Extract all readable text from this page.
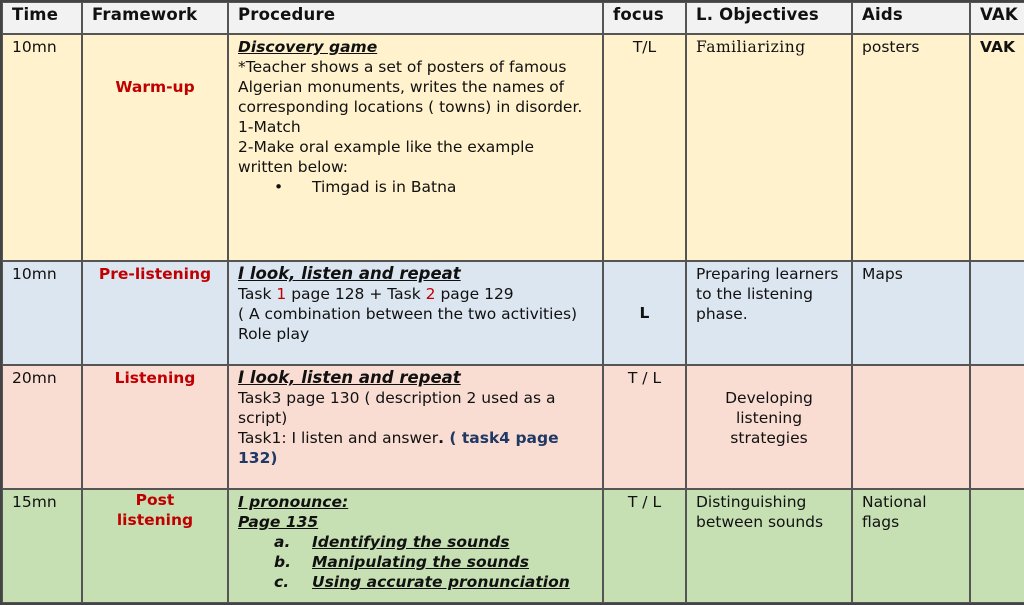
Time	Framework	Procedure	focus	L. Objectives	Aids	VAK
10mn	Warm-up	Discovery game
*Teacher shows a set of posters of famous Algerian monuments, writes the names of corresponding locations ( towns) in disorder.
1-Match
2-Make oral example like the example written below:
• Timgad is in Batna	T/L	Familiarizing	posters	VAK
10mn	Pre-listening	I look, listen and repeat
Task 1 page 128 + Task 2 page 129
( A combination between the two activities) Role play	L	Preparing learners to the listening phase.	Maps	
20mn	Listening	I look, listen and repeat
Task3 page 130 ( description 2 used as a script)
Task1: I listen and answer. ( task4 page 132)	T / L	Developing listening strategies		
15mn	Post listening	I pronounce:
Page 135
a. Identifying the sounds
b. Manipulating the sounds
c. Using accurate pronunciation	T / L	Distinguishing between sounds	National flags	
